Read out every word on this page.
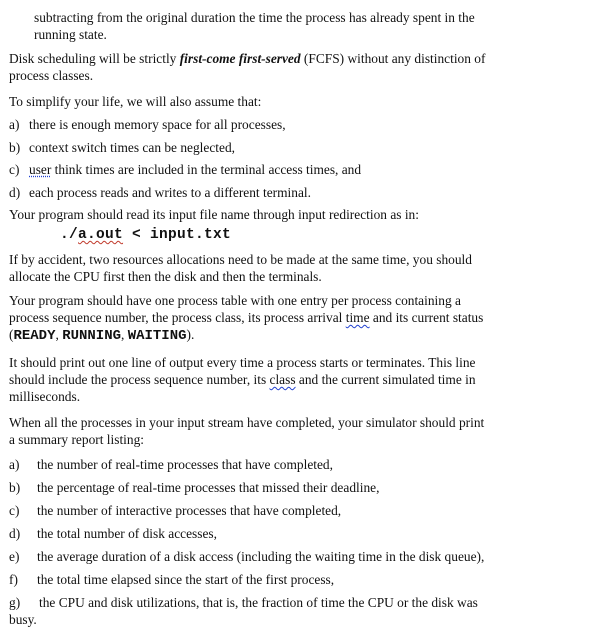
subtracting from the original duration the time the process has already spent in the
running state.

Disk scheduling will be strictly first-come first-served (FCFS) without any distinction of
process classes.

To simplify your life, we will also assume that:

a) there is enough memory space for all processes,

b) context switch times can be neglected,

c) user think times are included in the terminal access times, and

d) each process reads and writes to a different terminal.

Your program should read its input file name through input redirection as in:

./a.out < input.txt

If by accident, two resources allocations need to be made at the same time, you should
allocate the CPU first then the disk and then the terminals.

Your program should have one process table with one entry per process containing a
process sequence number, the process class, its process arrival time and its current status
(READY, RUNNING, WAITING).

It should print out one line of output every time a process starts or terminates. This line
should include the process sequence number, its class and the current simulated time in
milliseconds.

When all the processes in your input stream have completed, your simulator should print
a summary report listing:

a) the number of real-time processes that have completed,

b) the percentage of real-time processes that missed their deadline,

c) the number of interactive processes that have completed,

d) the total number of disk accesses,

e) the average duration of a disk access (including the waiting time in the disk queue),

f) the total time elapsed since the start of the first process,

g) the CPU and disk utilizations, that is, the fraction of time the CPU or the disk was
busy.
